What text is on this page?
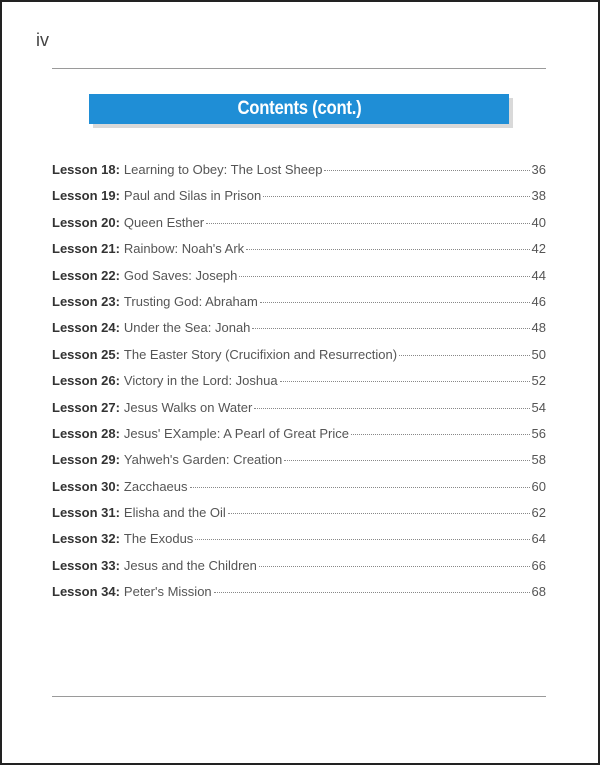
iv
Contents (cont.)
Lesson 18: Learning to Obey: The Lost Sheep	36
Lesson 19: Paul and Silas in Prison	38
Lesson 20: Queen Esther	40
Lesson 21: Rainbow: Noah's Ark	42
Lesson 22: God Saves: Joseph	44
Lesson 23: Trusting God: Abraham	46
Lesson 24: Under the Sea: Jonah	48
Lesson 25: The Easter Story (Crucifixion and Resurrection)	50
Lesson 26: Victory in the Lord: Joshua	52
Lesson 27: Jesus Walks on Water	54
Lesson 28: Jesus' EXample: A Pearl of Great Price	56
Lesson 29: Yahweh's Garden: Creation	58
Lesson 30: Zacchaeus	60
Lesson 31: Elisha and the Oil	62
Lesson 32: The Exodus	64
Lesson 33: Jesus and the Children	66
Lesson 34: Peter's Mission	68
